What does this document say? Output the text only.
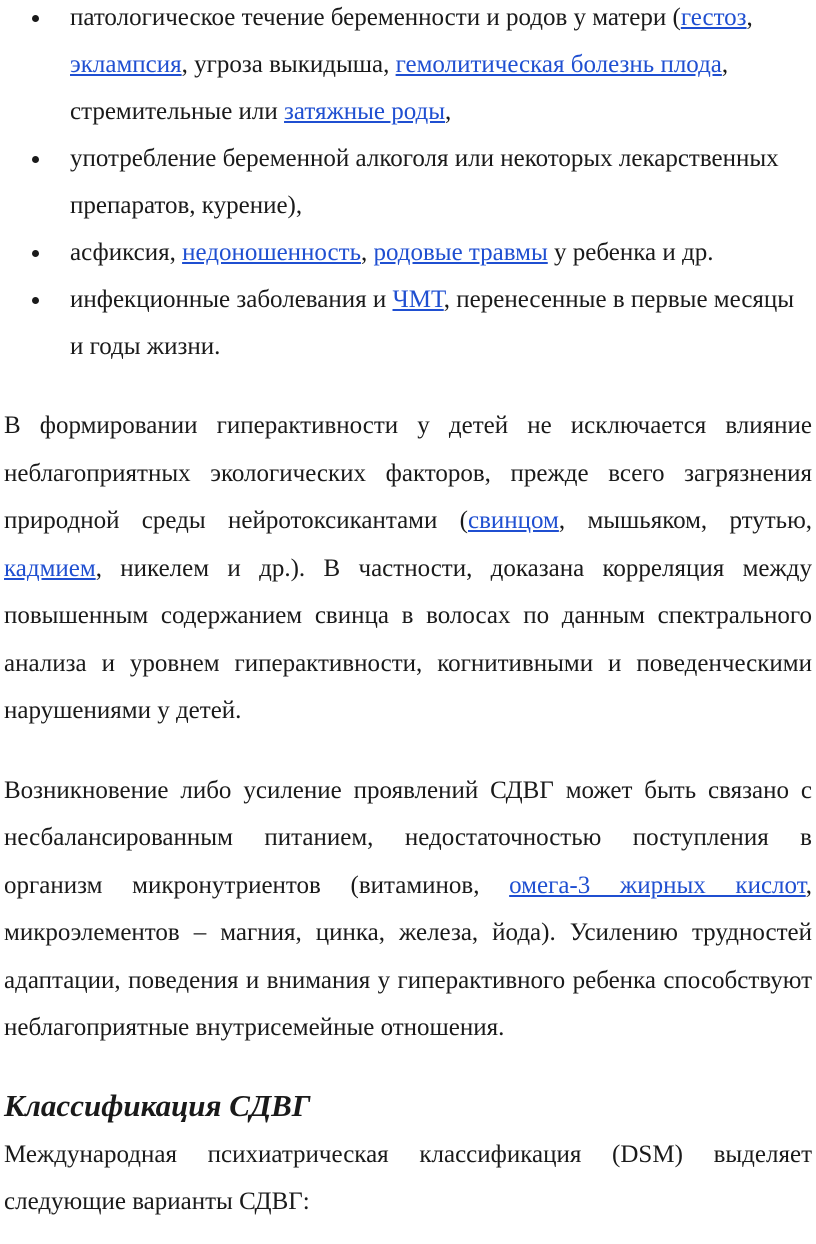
патологическое течение беременности и родов у матери (гестоз, эклампсия, угроза выкидыша, гемолитическая болезнь плода, стремительные или затяжные роды,
употребление беременной алкоголя или некоторых лекарственных препаратов, курение),
асфиксия, недоношенность, родовые травмы у ребенка и др.
инфекционные заболевания и ЧМТ, перенесенные в первые месяцы и годы жизни.

В формировании гиперактивности у детей не исключается влияние неблагоприятных экологических факторов, прежде всего загрязнения природной среды нейротоксикантами (свинцом, мышьяком, ртутью, кадмием, никелем и др.). В частности, доказана корреляция между повышенным содержанием свинца в волосах по данным спектрального анализа и уровнем гиперактивности, когнитивными и поведенческими нарушениями у детей.

Возникновение либо усиление проявлений СДВГ может быть связано с несбалансированным питанием, недостаточностью поступления в организм микронутриентов (витаминов, омега-3 жирных кислот, микроэлементов – магния, цинка, железа, йода). Усилению трудностей адаптации, поведения и внимания у гиперактивного ребенка способствуют неблагоприятные внутрисемейные отношения.

Классификация СДВГ

Международная психиатрическая классификация (DSM) выделяет следующие варианты СДВГ:
